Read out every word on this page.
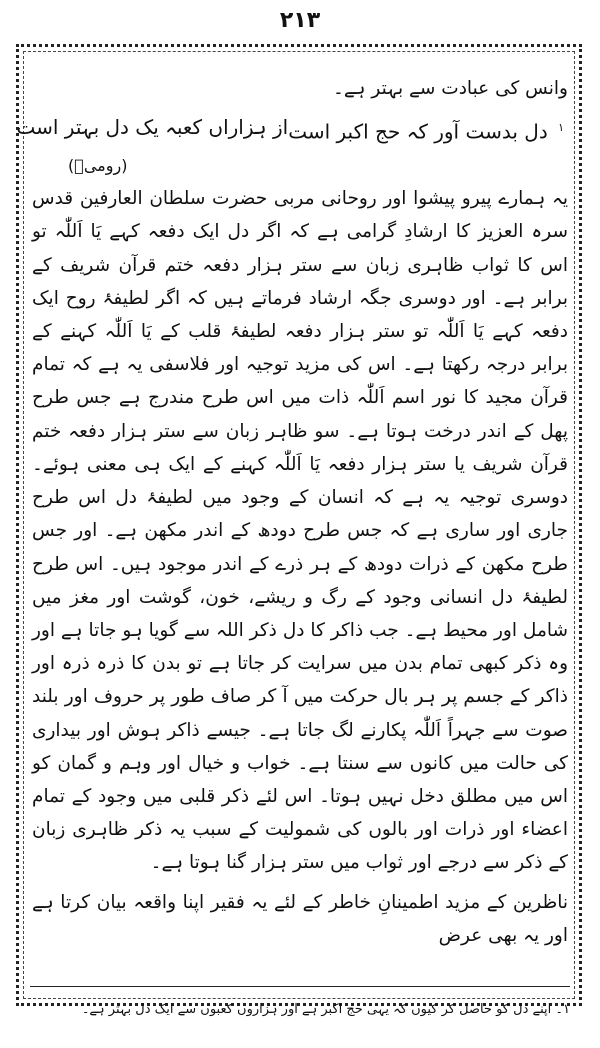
۲۱۳

وانس کی عبادت سے بہتر ہے۔

$^۱$ دل بدست آور کہ حج اکبر است
از ہزاراں کعبہ یک دل بہتر است

(رومیؒ)

یہ ہمارے پیرو پیشوا اور روحانی مربی حضرت سلطان العارفین قدس سرہ العزیز کا ارشادِ گرامی ہے کہ اگر دل ایک دفعہ کہے یَا اَللّٰہ تو اس کا ثواب ظاہری زبان سے ستر ہزار دفعہ ختم قرآن شریف کے برابر ہے۔ اور دوسری جگہ ارشاد فرماتے ہیں کہ اگر لطیفۂ روح ایک دفعہ کہے یَا اَللّٰہ تو ستر ہزار دفعہ لطیفۂ قلب کے یَا اَللّٰہ کہنے کے برابر درجہ رکھتا ہے۔ اس کی مزید توجیہ اور فلاسفی یہ ہے کہ تمام قرآن مجید کا نور اسم اَللّٰہ ذات میں اس طرح مندرج ہے جس طرح پھل کے اندر درخت ہوتا ہے۔ سو ظاہر زبان سے ستر ہزار دفعہ ختم قرآن شریف یا ستر ہزار دفعہ یَا اَللّٰہ کہنے کے ایک ہی معنی ہوئے۔ دوسری توجیہ یہ ہے کہ انسان کے وجود میں لطیفۂ دل اس طرح جاری اور ساری ہے کہ جس طرح دودھ کے اندر مکھن ہے۔ اور جس طرح مکھن کے ذرات دودھ کے ہر ذرے کے اندر موجود ہیں۔ اس طرح لطیفۂ دل انسانی وجود کے رگ و ریشے، خون، گوشت اور مغز میں شامل اور محیط ہے۔ جب ذاکر کا دل ذکر اللہ سے گویا ہو جاتا ہے اور وہ ذکر کبھی تمام بدن میں سرایت کر جاتا ہے تو بدن کا ذرہ ذرہ اور ذاکر کے جسم پر ہر بال حرکت میں آ کر صاف طور پر حروف اور بلند صوت سے جہراً اَللّٰہ پکارنے لگ جاتا ہے۔ جیسے ذاکر ہوش اور بیداری کی حالت میں کانوں سے سنتا ہے۔ خواب و خیال اور وہم و گمان کو اس میں مطلق دخل نہیں ہوتا۔ اس لئے ذکر قلبی میں وجود کے تمام اعضاء اور ذرات اور بالوں کی شمولیت کے سبب یہ ذکر ظاہری زبان کے ذکر سے درجے اور ثواب میں ستر ہزار گنا ہوتا ہے۔

ناظرین کے مزید اطمینانِ خاطر کے لئے یہ فقیر اپنا واقعہ بیان کرتا ہے اور یہ بھی عرض

۱۔ اپنے دل کو حاصل کر کیوں کہ یہی حج اکبر ہے اور ہزاروں کعبوں سے ایک دل بہتر ہے۔
